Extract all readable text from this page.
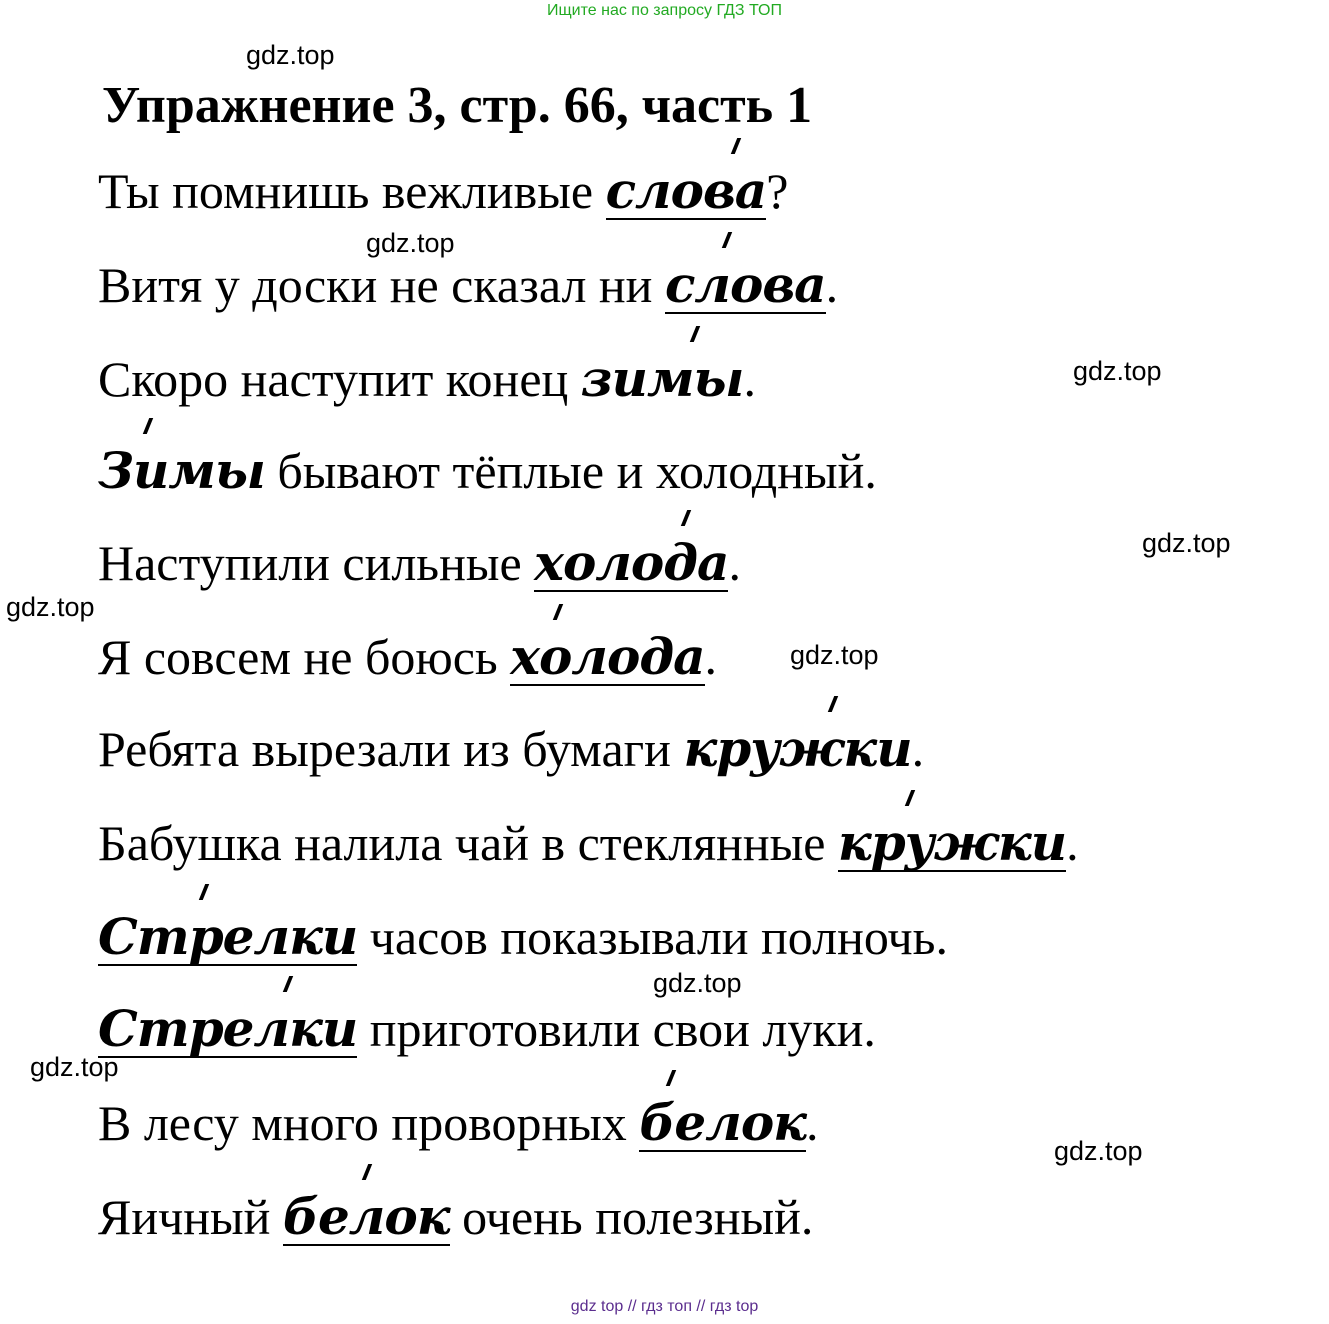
Ищите нас по запросу ГДЗ ТОП
gdz.top
Упражнение 3, стр. 66, часть 1
Ты помнишь вежливые слова
?
gdz.top
Витя у доски не сказал ни слова
.
gdz.top
Скоро наступит конец зимы
.
Зимы
бывают тёплые и холодный.
gdz.top
Наступили сильные холода
.
gdz.top
Я совсем не боюсь холода
.	gdz.top
Ребята вырезали из бумаги кружки
.
Бабушка налила чай в стеклянные кружки
.
Стрелки
часов показывали полночь.
gdz.top
Стрелки
приготовили свои луки.
gdz.top
В лесу много проворных белок
.	gdz.top
Яичный белок
очень полезный.
gdz top // гдз топ // гдз top
